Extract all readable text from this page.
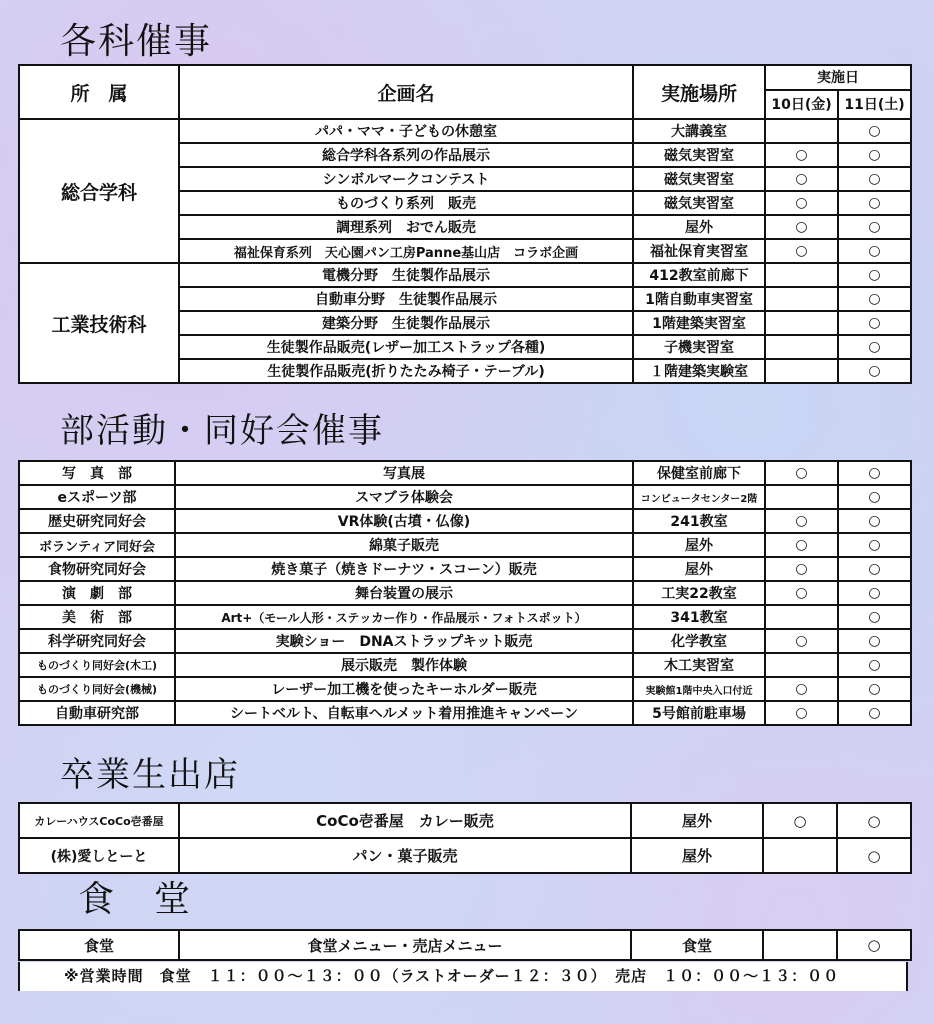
各科催事
所　属	企画名	実施場所	実施日	
			10日(金)	11日(土)
総合学科	パパ・ママ・子どもの休憩室	大講義室		○
	総合学科各系列の作品展示	磁気実習室	○	○
	シンボルマークコンテスト	磁気実習室	○	○
	ものづくり系列　販売	磁気実習室	○	○
	調理系列　おでん販売	屋外	○	○
	福祉保育系列　天心園パン工房Panne基山店　コラボ企画	福祉保育実習室	○	○
工業技術科	電機分野　生徒製作品展示	412教室前廊下		○
	自動車分野　生徒製作品展示	1階自動車実習室		○
	建築分野　生徒製作品展示	1階建築実習室		○
	生徒製作品販売(レザー加工ストラップ各種)	子機実習室		○
	生徒製作品販売(折りたたみ椅子・テーブル)	１階建築実験室		○
部活動・同好会催事
写　真　部	写真展	保健室前廊下	○	○
eスポーツ部	スマブラ体験会	コンピュータセンター2階		○
歴史研究同好会	VR体験(古墳・仏像)	241教室	○	○
ボランティア同好会	綿菓子販売	屋外	○	○
食物研究同好会	焼き菓子（焼きドーナツ・スコーン）販売	屋外	○	○
演　劇　部	舞台装置の展示	工実22教室	○	○
美　術　部	Art+（モール人形・ステッカー作り・作品展示・フォトスポット）	341教室		○
科学研究同好会	実験ショー　DNAストラップキット販売	化学教室	○	○
ものづくり同好会(木工)	展示販売　製作体験	木工実習室		○
ものづくり同好会(機械)	レーザー加工機を使ったキーホルダー販売	実験館1階中央入口付近	○	○
自動車研究部	シートベルト、自転車ヘルメット着用推進キャンペーン	5号館前駐車場	○	○
卒業生出店
カレーハウスCoCo壱番屋	CoCo壱番屋　カレー販売	屋外	○	○
(株)愛しとーと	パン・菓子販売	屋外		○
食　堂
食堂	食堂メニュー・売店メニュー	食堂		○
※営業時間　食堂　１１：００～１３：００（ラストオーダー１２：３０）　売店　１０：００～１３：００
